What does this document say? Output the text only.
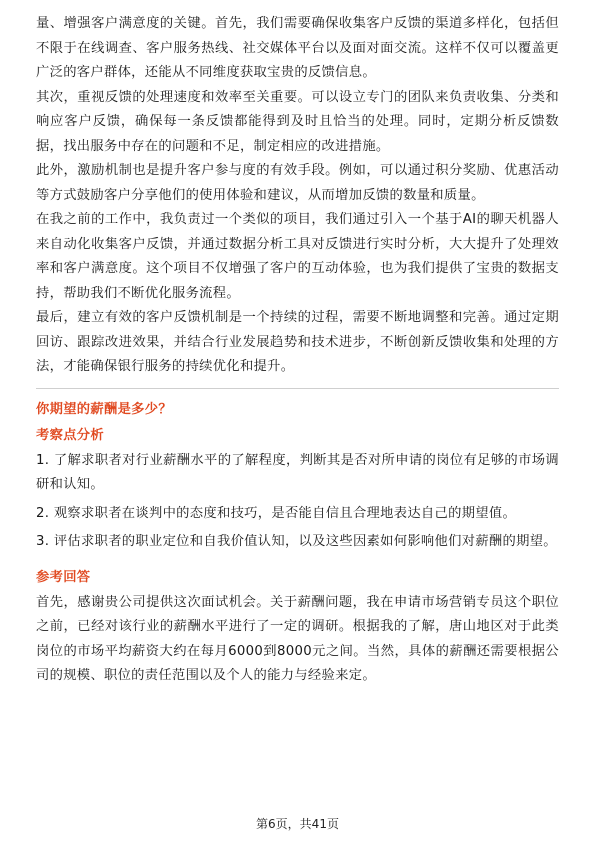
量、增强客户满意度的关键。首先，我们需要确保收集客户反馈的渠道多样化，包括但不限于在线调查、客户服务热线、社交媒体平台以及面对面交流。这样不仅可以覆盖更广泛的客户群体，还能从不同维度获取宝贵的反馈信息。

其次，重视反馈的处理速度和效率至关重要。可以设立专门的团队来负责收集、分类和响应客户反馈，确保每一条反馈都能得到及时且恰当的处理。同时，定期分析反馈数据，找出服务中存在的问题和不足，制定相应的改进措施。

此外，激励机制也是提升客户参与度的有效手段。例如，可以通过积分奖励、优惠活动等方式鼓励客户分享他们的使用体验和建议，从而增加反馈的数量和质量。

在我之前的工作中，我负责过一个类似的项目，我们通过引入一个基于AI的聊天机器人来自动化收集客户反馈，并通过数据分析工具对反馈进行实时分析，大大提升了处理效率和客户满意度。这个项目不仅增强了客户的互动体验，也为我们提供了宝贵的数据支持，帮助我们不断优化服务流程。

最后，建立有效的客户反馈机制是一个持续的过程，需要不断地调整和完善。通过定期回访、跟踪改进效果，并结合行业发展趋势和技术进步，不断创新反馈收集和处理的方法，才能确保银行服务的持续优化和提升。

你期望的薪酬是多少？
考察点分析
1. 了解求职者对行业薪酬水平的了解程度，判断其是否对所申请的岗位有足够的市场调研和认知。
2. 观察求职者在谈判中的态度和技巧，是否能自信且合理地表达自己的期望值。
3. 评估求职者的职业定位和自我价值认知，以及这些因素如何影响他们对薪酬的期望。
参考回答

首先，感谢贵公司提供这次面试机会。关于薪酬问题，我在申请市场营销专员这个职位之前，已经对该行业的薪酬水平进行了一定的调研。根据我的了解，唐山地区对于此类岗位的市场平均薪资大约在每月6000到8000元之间。当然，具体的薪酬还需要根据公司的规模、职位的责任范围以及个人的能力与经验来定。

第6页，共41页
